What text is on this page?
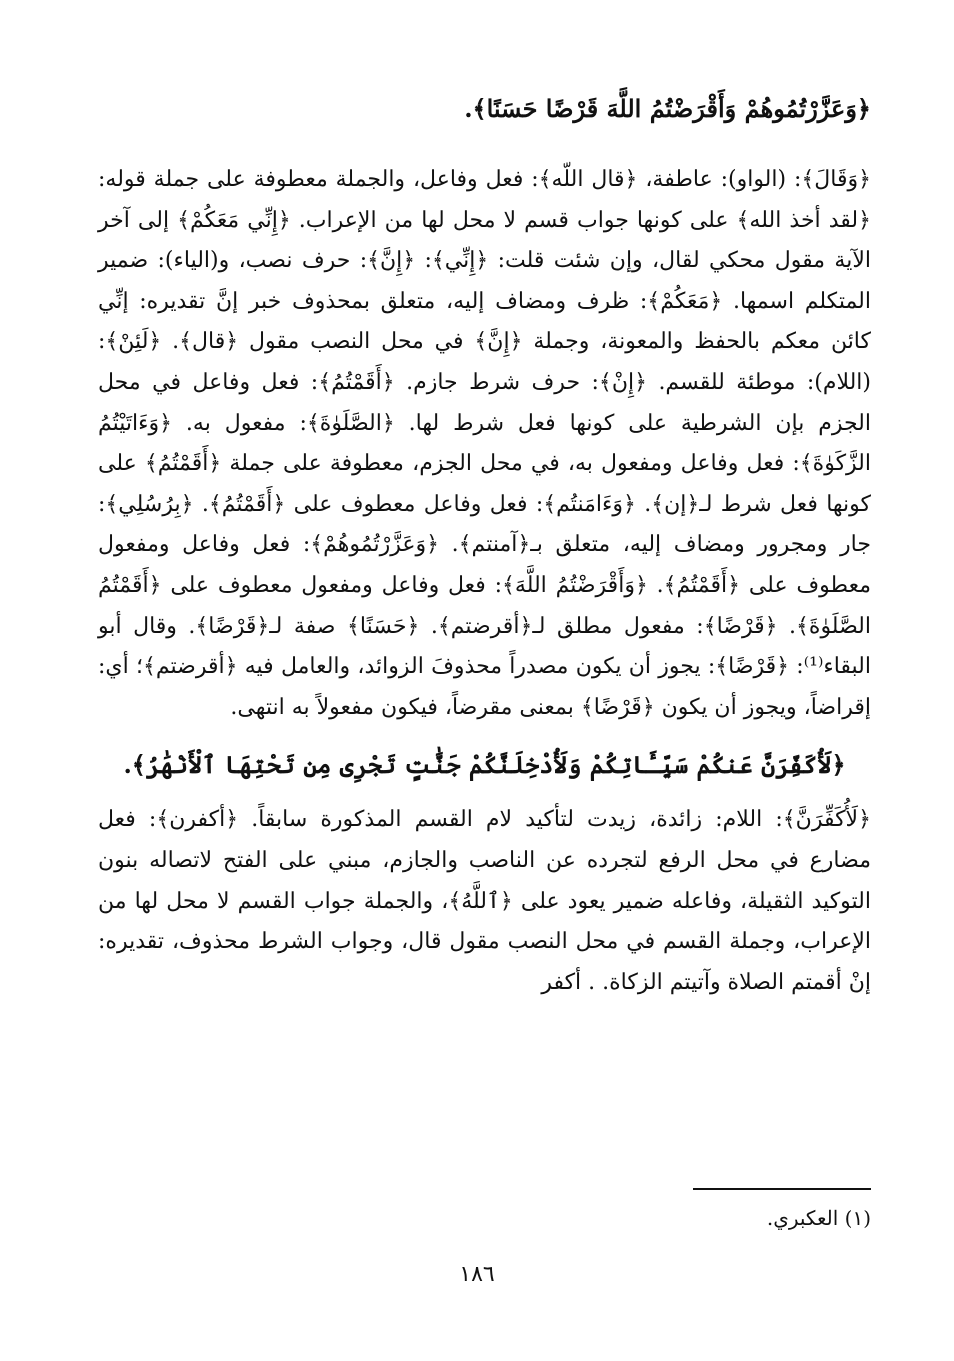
﴿وَعَزَّرْتُمُوهُمْ وَأَقْرَضْتُمُ اللَّهَ قَرْضًا حَسَنًا﴾.

﴿وَقَالَ﴾: (الواو): عاطفة، ﴿قال اللّه﴾: فعل وفاعل، والجملة معطوفة على جملة قوله: ﴿لقد أخذ الله﴾ على كونها جواب قسم لا محل لها من الإعراب. ﴿إِنِّي مَعَكُمْ﴾ إلى آخر الآية مقول محكي لقال، وإن شئت قلت: ﴿إِنِّي﴾: ﴿إِنَّ﴾: حرف نصب، و(الياء): ضمير المتكلم اسمها. ﴿مَعَكُمْ﴾: ظرف ومضاف إليه، متعلق بمحذوف خبر إنَّ تقديره: إنِّي كائن معكم بالحفظ والمعونة، وجملة ﴿إِنَّ﴾ في محل النصب مقول ﴿قال﴾. ﴿لَئِنْ﴾: (اللام): موطئة للقسم. ﴿إِنْ﴾: حرف شرط جازم. ﴿أَقَمْتُمُ﴾: فعل وفاعل في محل الجزم بإن الشرطية على كونها فعل شرط لها. ﴿الصَّلَوٰةَ﴾: مفعول به. ﴿وَءَاتَيْتُمُ الزَّكَوٰةَ﴾: فعل وفاعل ومفعول به، في محل الجزم، معطوفة على جملة ﴿أَقَمْتُمُ﴾ على كونها فعل شرط لـ﴿إن﴾. ﴿وَءَامَنتُم﴾: فعل وفاعل معطوف على ﴿أَقَمْتُمُ﴾. ﴿بِرُسُلِي﴾: جار ومجرور ومضاف إليه، متعلق بـ﴿آمنتم﴾. ﴿وَعَزَّرْتُمُوهُمْ﴾: فعل وفاعل ومفعول معطوف على ﴿أَقَمْتُمُ﴾. ﴿وَأَقْرَضْتُمُ اللَّهَ﴾: فعل وفاعل ومفعول معطوف على ﴿أَقَمْتُمُ الصَّلَوٰةَ﴾. ﴿قَرْضًا﴾: مفعول مطلق لـ﴿أقرضتم﴾. ﴿حَسَنًا﴾ صفة لـ﴿قَرْضًا﴾. وقال أبو البقاء⁽¹⁾: ﴿قَرْضًا﴾: يجوز أن يكون مصدراً محذوفَ الزوائد، والعامل فيه ﴿أقرضتم﴾؛ أي: إقراضاً، ويجوز أن يكون ﴿قَرْضًا﴾ بمعنى مقرضاً، فيكون مفعولاً به انتهى.

﴿لَأُكَفِّرَنَّ عَنكُمْ سَيِّـَٔاتِكُمْ وَلَأُدْخِلَنَّكُمْ جَنَّٰتٍ تَجْرِى مِن تَحْتِهَا ٱلْأَنْهَٰرُ﴾.

﴿لَأُكَفِّرَنَّ﴾: اللام: زائدة، زيدت لتأكيد لام القسم المذكورة سابقاً. ﴿أكفرن﴾: فعل مضارع في محل الرفع لتجرده عن الناصب والجازم، مبني على الفتح لاتصاله بنون التوكيد الثقيلة، وفاعله ضمير يعود على ﴿ٱللَّهُ﴾، والجملة جواب القسم لا محل لها من الإعراب، وجملة القسم في محل النصب مقول قال، وجواب الشرط محذوف، تقديره: إنْ أقمتم الصلاة وآتيتم الزكاة. . أكفر

(١) العكبري.
١٨٦
